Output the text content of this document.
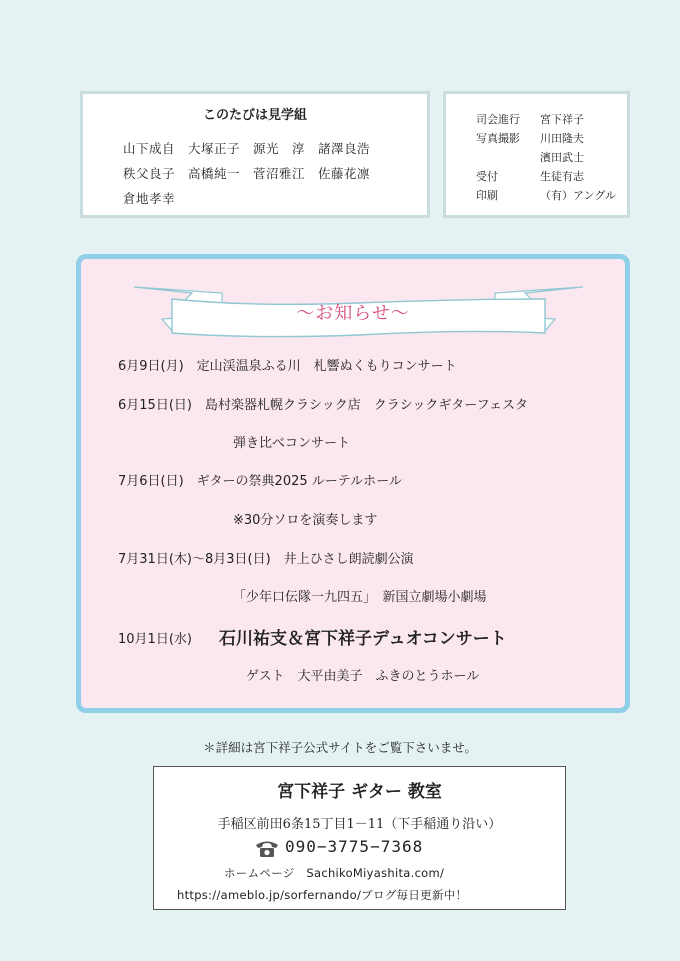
このたびは見学組
山下成自　大塚正子　源光　淳　諸澤良浩
秩父良子　高橋純一　菅沼雅江　佐藤花凛
倉地孝幸
司会進行 宮下祥子
写真撮影 川田隆夫
濱田武士
受付	生徒有志
印刷	（有）アングル
～お知らせ～
6月9日(月)　定山渓温泉ふる川　札響ぬくもりコンサート
6月15日(日)　島村楽器札幌クラシック店　クラシックギターフェスタ
弾き比べコンサート
7月6日(日)　ギターの祭典2025 ルーテルホール
※30分ソロを演奏します
7月31日(木)～8月3日(日)　井上ひさし朗読劇公演
「少年口伝隊一九四五」　新国立劇場小劇場
10月1日(水) 石川祐支＆宮下祥子デュオコンサート
ゲスト　大平由美子　ふきのとうホール
＊詳細は宮下祥子公式サイトをご覧下さいませ。
宮下祥子 ギター 教室
手稲区前田6条15丁目1－11（下手稲通り沿い）
090−3775−7368
ホームページ　SachikoMiyashita.com/
https://ameblo.jp/sorfernando/ブログ毎日更新中！
